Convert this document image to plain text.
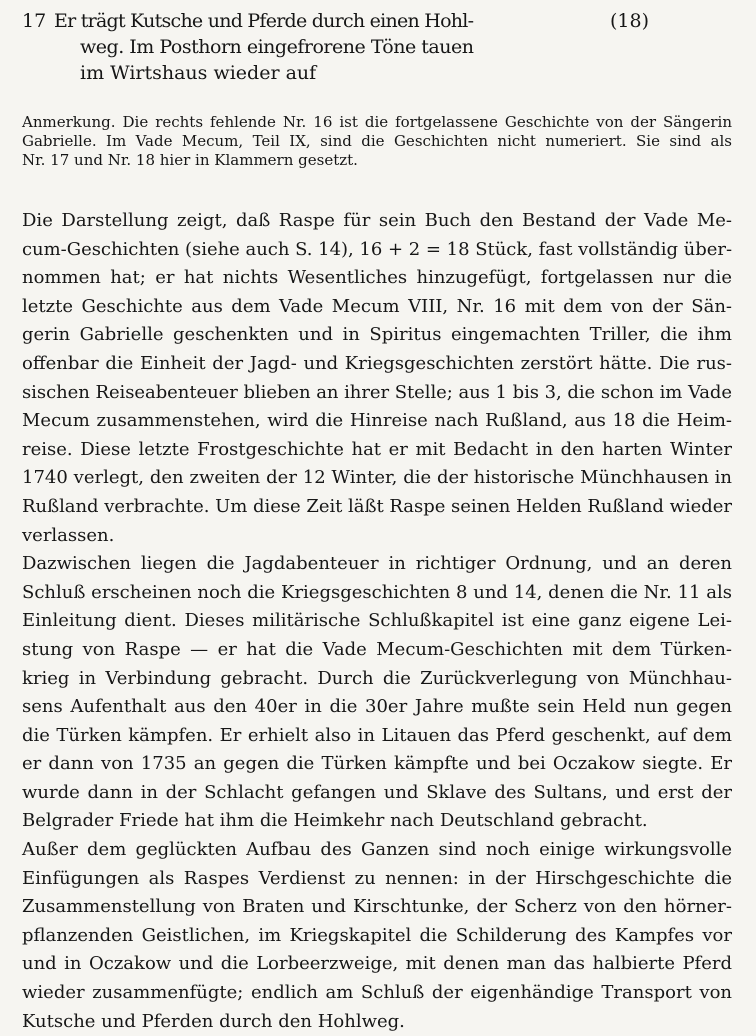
17 Er trägt Kutsche und Pferde durch einen Hohl-
weg. Im Posthorn eingefrorene Töne tauen
im Wirtshaus wieder auf
(18)
Anmerkung. Die rechts fehlende Nr. 16 ist die fortgelassene Geschichte von der Sängerin
Gabrielle. Im Vade Mecum, Teil IX, sind die Geschichten nicht numeriert. Sie sind als
Nr. 17 und Nr. 18 hier in Klammern gesetzt.
Die Darstellung zeigt, daß Raspe für sein Buch den Bestand der Vade Me-
cum-Geschichten (siehe auch S. 14), 16 + 2 = 18 Stück, fast vollständig über-
nommen hat; er hat nichts Wesentliches hinzugefügt, fortgelassen nur die
letzte Geschichte aus dem Vade Mecum VIII, Nr. 16 mit dem von der Sän-
gerin Gabrielle geschenkten und in Spiritus eingemachten Triller, die ihm
offenbar die Einheit der Jagd- und Kriegsgeschichten zerstört hätte. Die rus-
sischen Reiseabenteuer blieben an ihrer Stelle; aus 1 bis 3, die schon im Vade
Mecum zusammenstehen, wird die Hinreise nach Rußland, aus 18 die Heim-
reise. Diese letzte Frostgeschichte hat er mit Bedacht in den harten Winter
1740 verlegt, den zweiten der 12 Winter, die der historische Münchhausen in
Rußland verbrachte. Um diese Zeit läßt Raspe seinen Helden Rußland wieder
verlassen.
Dazwischen liegen die Jagdabenteuer in richtiger Ordnung, und an deren
Schluß erscheinen noch die Kriegsgeschichten 8 und 14, denen die Nr. 11 als
Einleitung dient. Dieses militärische Schlußkapitel ist eine ganz eigene Lei-
stung von Raspe — er hat die Vade Mecum-Geschichten mit dem Türken-
krieg in Verbindung gebracht. Durch die Zurückverlegung von Münchhau-
sens Aufenthalt aus den 40er in die 30er Jahre mußte sein Held nun gegen
die Türken kämpfen. Er erhielt also in Litauen das Pferd geschenkt, auf dem
er dann von 1735 an gegen die Türken kämpfte und bei Oczakow siegte. Er
wurde dann in der Schlacht gefangen und Sklave des Sultans, und erst der
Belgrader Friede hat ihm die Heimkehr nach Deutschland gebracht.
Außer dem geglückten Aufbau des Ganzen sind noch einige wirkungsvolle
Einfügungen als Raspes Verdienst zu nennen: in der Hirschgeschichte die
Zusammenstellung von Braten und Kirschtunke, der Scherz von den hörner-
pflanzenden Geistlichen, im Kriegskapitel die Schilderung des Kampfes vor
und in Oczakow und die Lorbeerzweige, mit denen man das halbierte Pferd
wieder zusammenfügte; endlich am Schluß der eigenhändige Transport von
Kutsche und Pferden durch den Hohlweg.
